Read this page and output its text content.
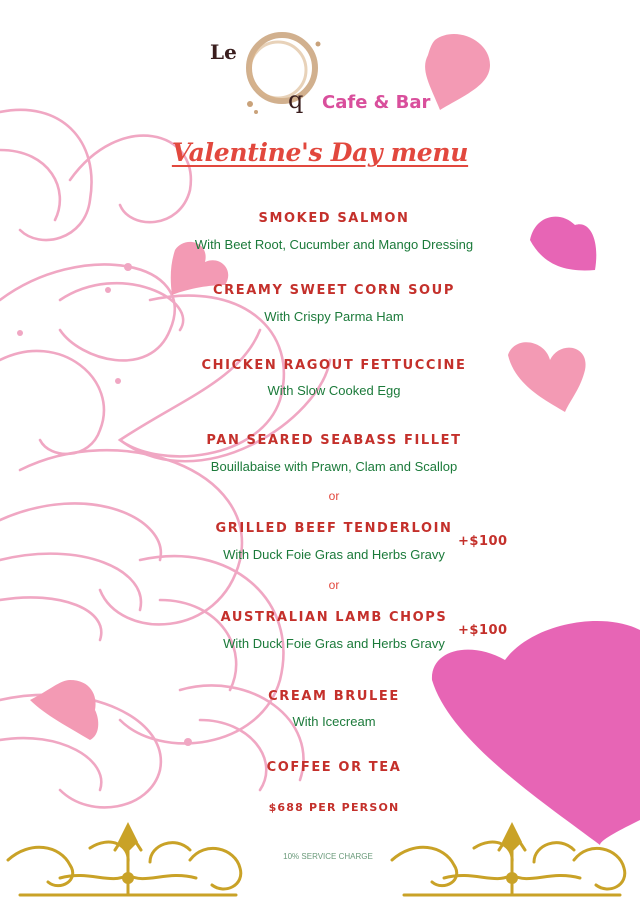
Le
q Cafe & Bar
Valentine's Day menu
SMOKED SALMON
With Beet Root, Cucumber and Mango Dressing
CREAMY SWEET CORN SOUP
With Crispy Parma Ham
CHICKEN RAGOUT FETTUCCINE
With Slow Cooked Egg
PAN SEARED SEABASS FILLET
Bouillabaise with Prawn, Clam and Scallop
or
GRILLED BEEF TENDERLOIN
With Duck Foie Gras and Herbs Gravy
+$100
or
AUSTRALIAN LAMB CHOPS
With Duck Foie Gras and Herbs Gravy
+$100
CREAM BRULEE
With Icecream
COFFEE OR TEA
$688 PER PERSON
10% SERVICE CHARGE
